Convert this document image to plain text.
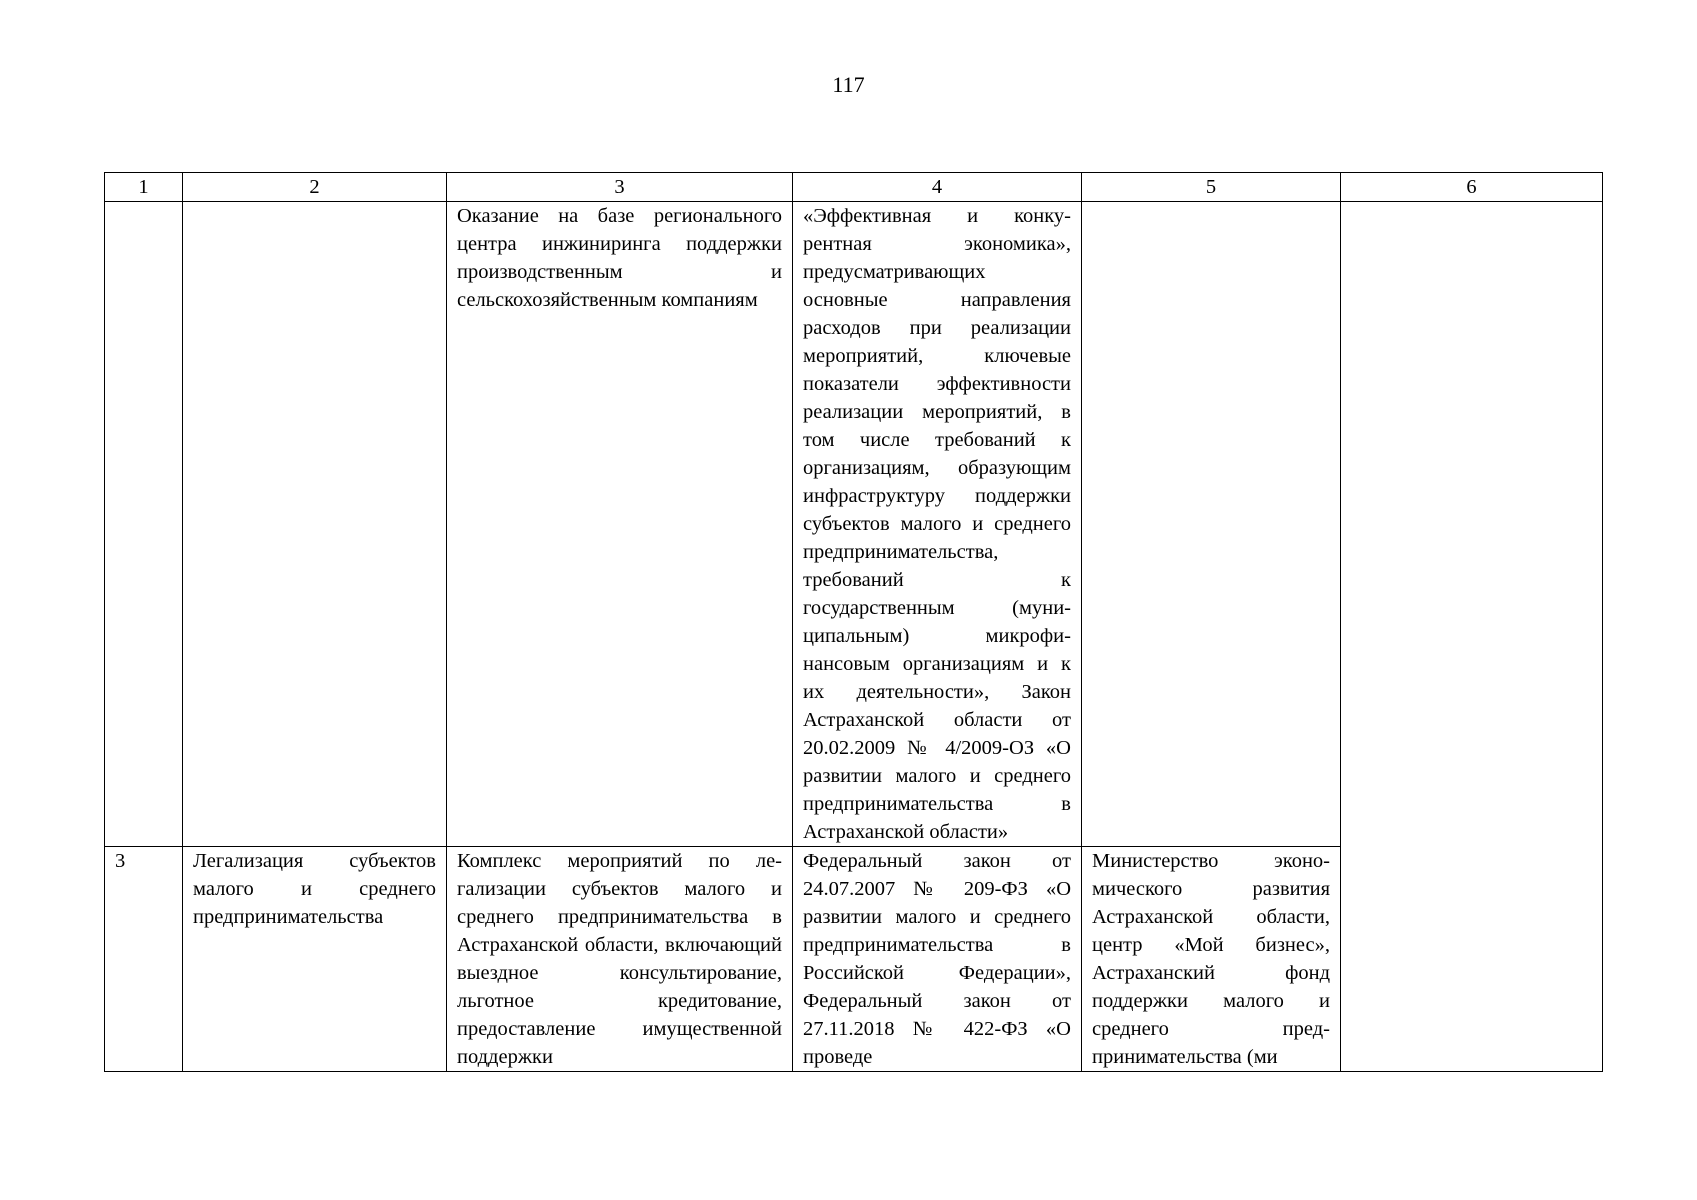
117
1	2	3	4	5	6
		Оказание на базе регионального центра инжиниринга поддержки производственным и сельскохозяйственным компаниям	«Эффективная и конкурентная экономика», предусматривающих основные направления расходов при реализации мероприятий, ключевые показатели эффективности реализации мероприятий, в том числе требований к организациям, образующим инфраструктуру поддержки субъектов малого и среднего предпринимательства, требований к государственным (муниципальным) микрофинансовым организациям и к их деятельности», Закон Астраханской области от 20.02.2009 № 4/2009-ОЗ «О развитии малого и среднего предпринимательства в Астраханской области»		
3	Легализация субъектов малого и среднего предпринимательства	Комплекс мероприятий по легализации субъектов малого и среднего предпринимательства в Астраханской области, включающий выездное консультирование, льготное кредитование, предоставление имущественной поддержки	Федеральный закон от 24.07.2007 № 209-ФЗ «О развитии малого и среднего предпринимательства в Российской Федерации», Федеральный закон от 27.11.2018 № 422-ФЗ «О проведе	Министерство экономического развития Астраханской области, центр «Мой бизнес», Астраханский фонд поддержки малого и среднего предпринимательства (ми	
